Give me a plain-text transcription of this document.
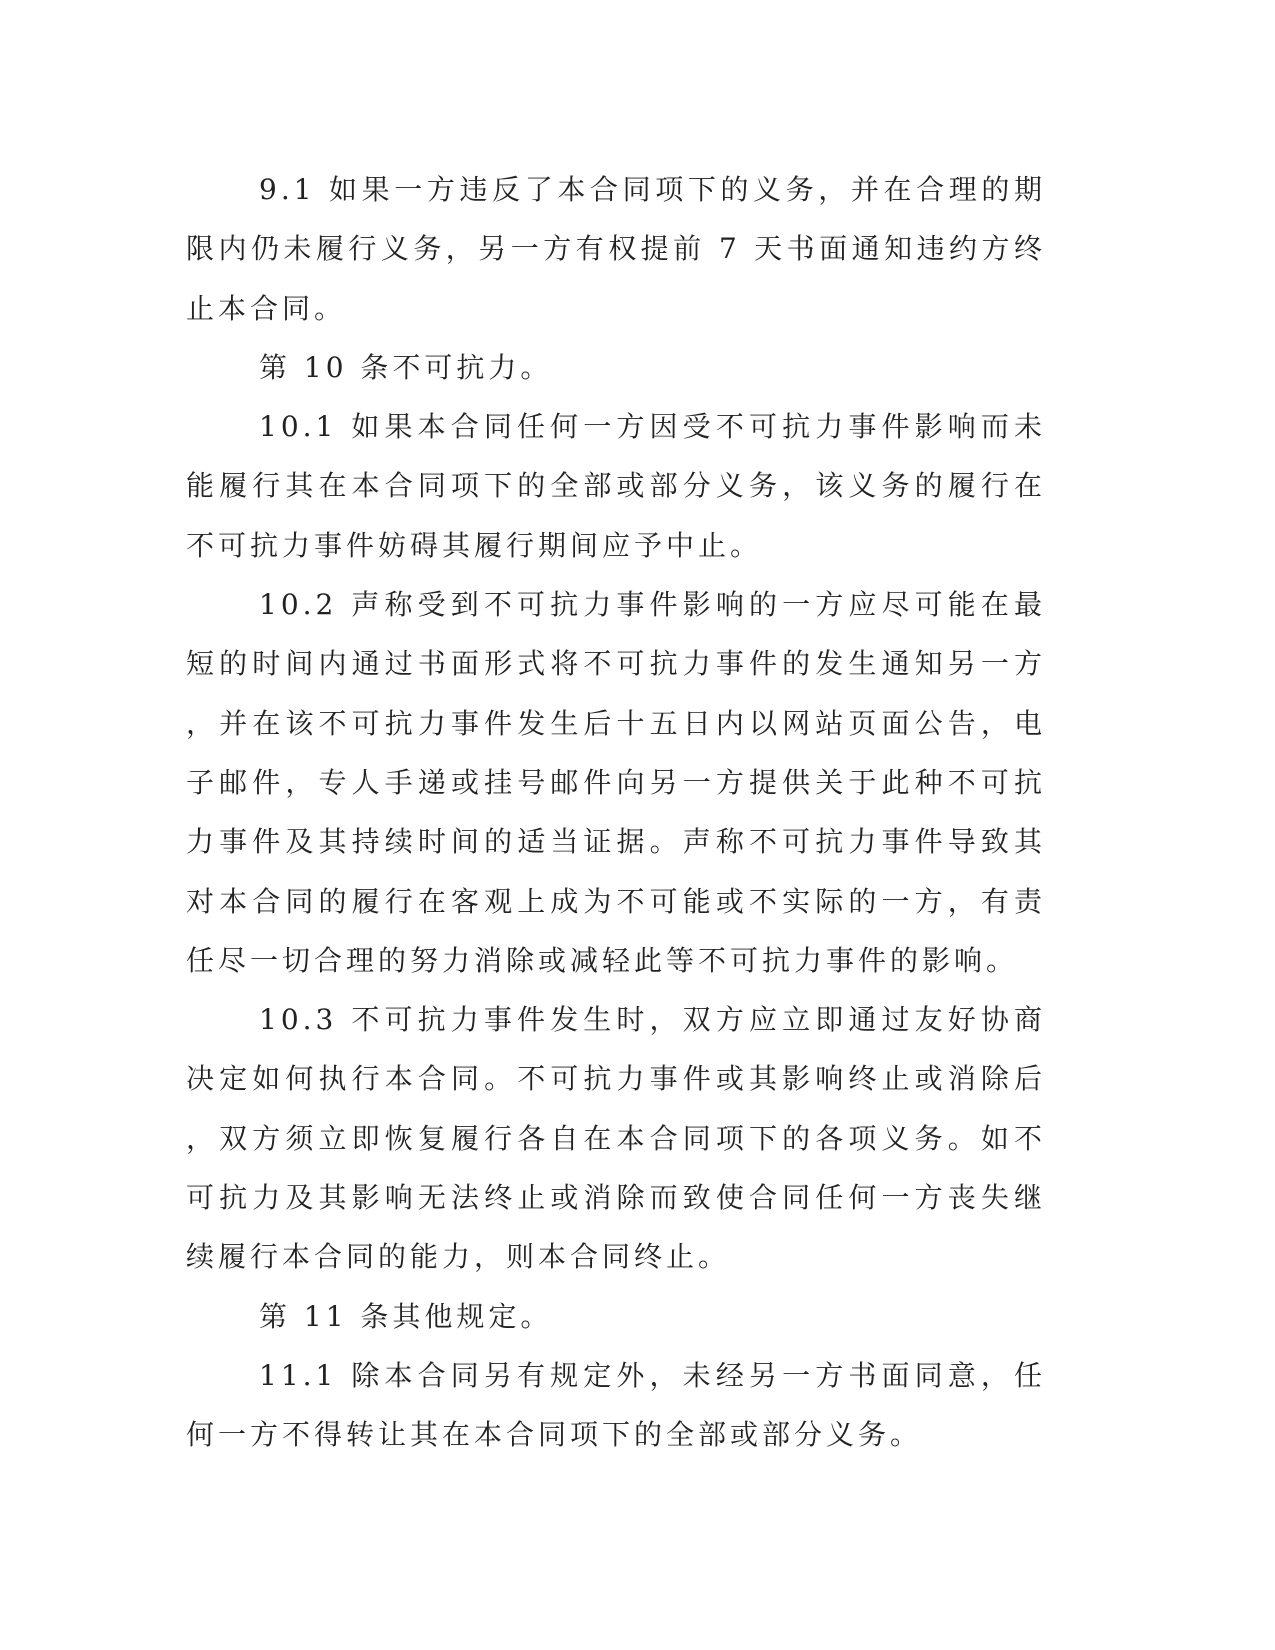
9.1 如果一方违反了本合同项下的义务，并在合理的期限内仍未履行义务，另一方有权提前 7 天书面通知违约方终止本合同。

第 10 条不可抗力。

10.1 如果本合同任何一方因受不可抗力事件影响而未能履行其在本合同项下的全部或部分义务，该义务的履行在不可抗力事件妨碍其履行期间应予中止。

10.2 声称受到不可抗力事件影响的一方应尽可能在最短的时间内通过书面形式将不可抗力事件的发生通知另一方，并在该不可抗力事件发生后十五日内以网站页面公告，电子邮件，专人手递或挂号邮件向另一方提供关于此种不可抗力事件及其持续时间的适当证据。声称不可抗力事件导致其对本合同的履行在客观上成为不可能或不实际的一方，有责任尽一切合理的努力消除或减轻此等不可抗力事件的影响。

10.3 不可抗力事件发生时，双方应立即通过友好协商决定如何执行本合同。不可抗力事件或其影响终止或消除后，双方须立即恢复履行各自在本合同项下的各项义务。如不可抗力及其影响无法终止或消除而致使合同任何一方丧失继续履行本合同的能力，则本合同终止。

第 11 条其他规定。

11.1 除本合同另有规定外，未经另一方书面同意，任何一方不得转让其在本合同项下的全部或部分义务。
